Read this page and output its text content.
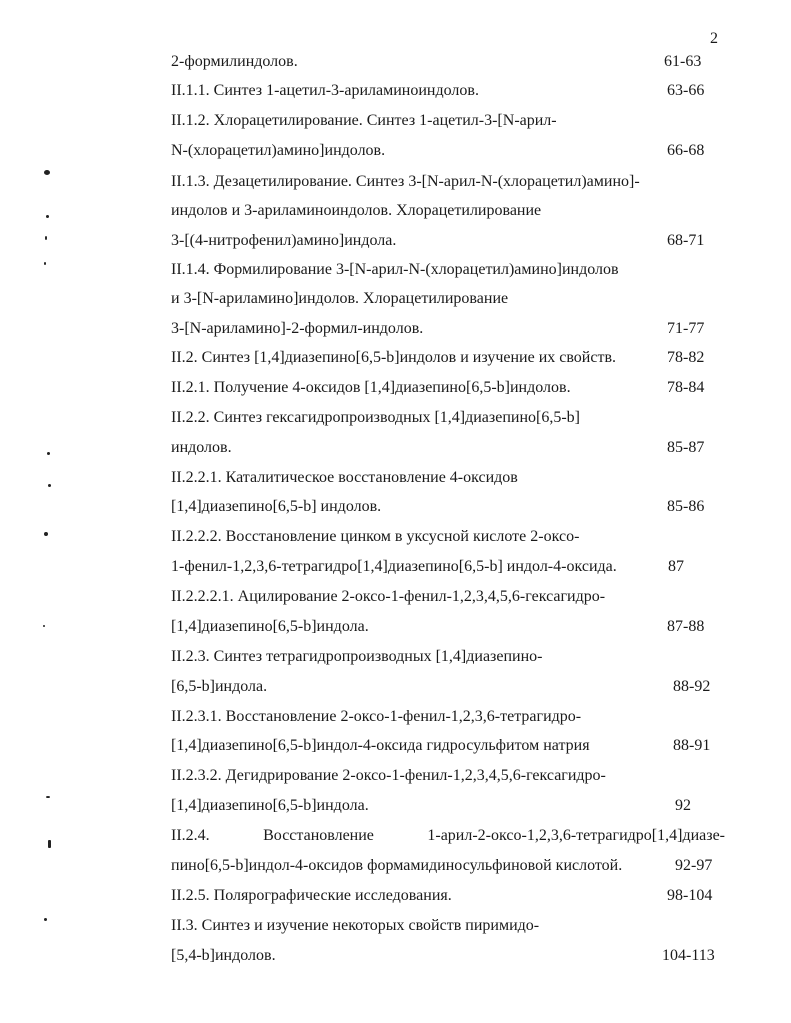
2
2-формилиндолов.	61-63
II.1.1. Синтез 1-ацетил-3-ариламиноиндолов.	63-66
II.1.2. Хлорацетилирование. Синтез 1-ацетил-3-[N-арил-
N-(хлорацетил)амино]индолов.	66-68
II.1.3. Дезацетилирование. Синтез 3-[N-арил-N-(хлорацетил)амино]-
индолов и 3-ариламиноиндолов. Хлорацетилирование
3-[(4-нитрофенил)амино]индола.	68-71
II.1.4. Формилирование 3-[N-арил-N-(хлорацетил)амино]индолов
и 3-[N-ариламино]индолов. Хлорацетилирование
3-[N-ариламино]-2-формил-индолов.	71-77
II.2. Синтез [1,4]диазепино[6,5-b]индолов и изучение их свойств.	78-82
II.2.1. Получение 4-оксидов [1,4]диазепино[6,5-b]индолов.	78-84
II.2.2. Синтез гексагидропроизводных [1,4]диазепино[6,5-b]
индолов.	85-87
II.2.2.1. Каталитическое восстановление 4-оксидов
[1,4]диазепино[6,5-b] индолов.	85-86
II.2.2.2. Восстановление цинком в уксусной кислоте 2-оксо-
1-фенил-1,2,3,6-тетрагидро[1,4]диазепино[6,5-b] индол-4-оксида.	87
II.2.2.2.1. Ацилирование 2-оксо-1-фенил-1,2,3,4,5,6-гексагидро-
[1,4]диазепино[6,5-b]индола.	87-88
II.2.3. Синтез тетрагидропроизводных [1,4]диазепино-
[6,5-b]индола.	88-92
II.2.3.1. Восстановление 2-оксо-1-фенил-1,2,3,6-тетрагидро-
[1,4]диазепино[6,5-b]индол-4-оксида гидросульфитом натрия	88-91
II.2.3.2. Дегидрирование 2-оксо-1-фенил-1,2,3,4,5,6-гексагидро-
[1,4]диазепино[6,5-b]индола.	92
II.2.4.	Восстановление	1-арил-2-оксо-1,2,3,6-тетрагидро[1,4]диазе-
пино[6,5-b]индол-4-оксидов формамидиносульфиновой кислотой.	92-97
II.2.5. Полярографические исследования.	98-104
II.3. Синтез и изучение некоторых свойств пиримидо-
[5,4-b]индолов.	104-113
